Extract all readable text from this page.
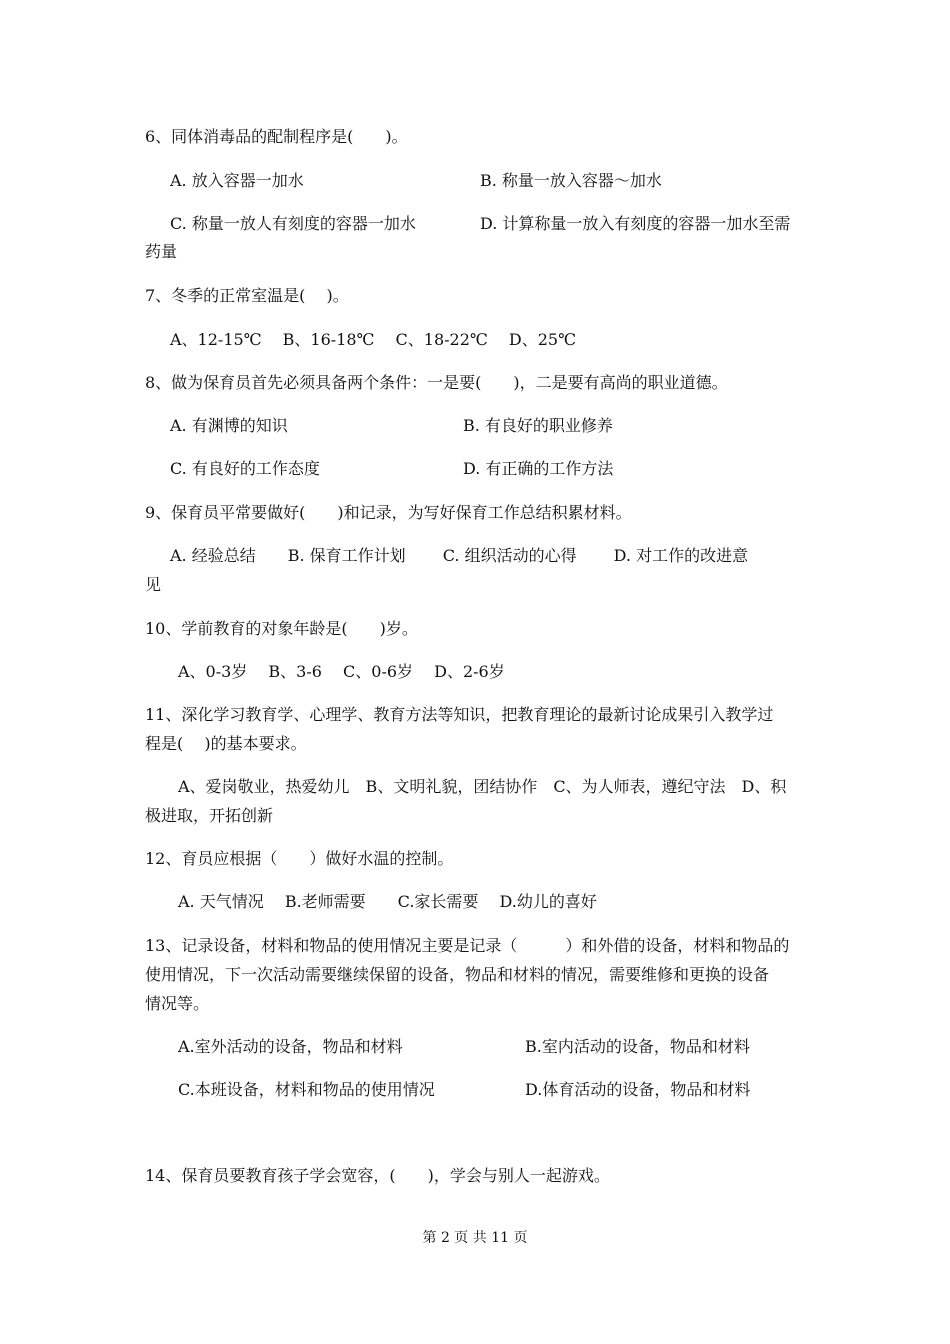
6、同体消毒品的配制程序是(　　)。
A. 放入容器一加水	B. 称量一放入容器～加水
C. 称量一放人有刻度的容器一加水	D. 计算称量一放入有刻度的容器一加水至需
药量
7、冬季的正常室温是(　 )。
A、12-15℃　 B、16-18℃　 C、18-22℃　 D、25℃
8、做为保育员首先必须具备两个条件：一是要(　　)，二是要有高尚的职业道德。
A. 有渊博的知识	B. 有良好的职业修养
C. 有良好的工作态度	D. 有正确的工作方法
9、保育员平常要做好(　　)和记录，为写好保育工作总结积累材料。
A. 经验总结　　B. 保育工作计划　　 C. 组织活动的心得　　 D. 对工作的改进意
见
10、学前教育的对象年龄是(　　)岁。
A、0-3岁　 B、3-6　 C、0-6岁　 D、2-6岁
11、深化学习教育学、心理学、教育方法等知识，把教育理论的最新讨论成果引入教学过
程是(　 )的基本要求。
A、爱岗敬业，热爱幼儿　B、文明礼貌，团结协作　C、为人师表，遵纪守法　D、积
极进取，开拓创新
12、育员应根据（　　）做好水温的控制。
A. 天气情况　 B.老师需要　　C.家长需要　 D.幼儿的喜好
13、记录设备，材料和物品的使用情况主要是记录（　　　）和外借的设备，材料和物品的
使用情况，下一次活动需要继续保留的设备，物品和材料的情况，需要维修和更换的设备
情况等。
A.室外活动的设备，物品和材料	B.室内活动的设备，物品和材料
C.本班设备，材料和物品的使用情况	D.体育活动的设备，物品和材料
14、保育员要教育孩子学会宽容，(　　)，学会与别人一起游戏。
第 2 页 共 11 页
